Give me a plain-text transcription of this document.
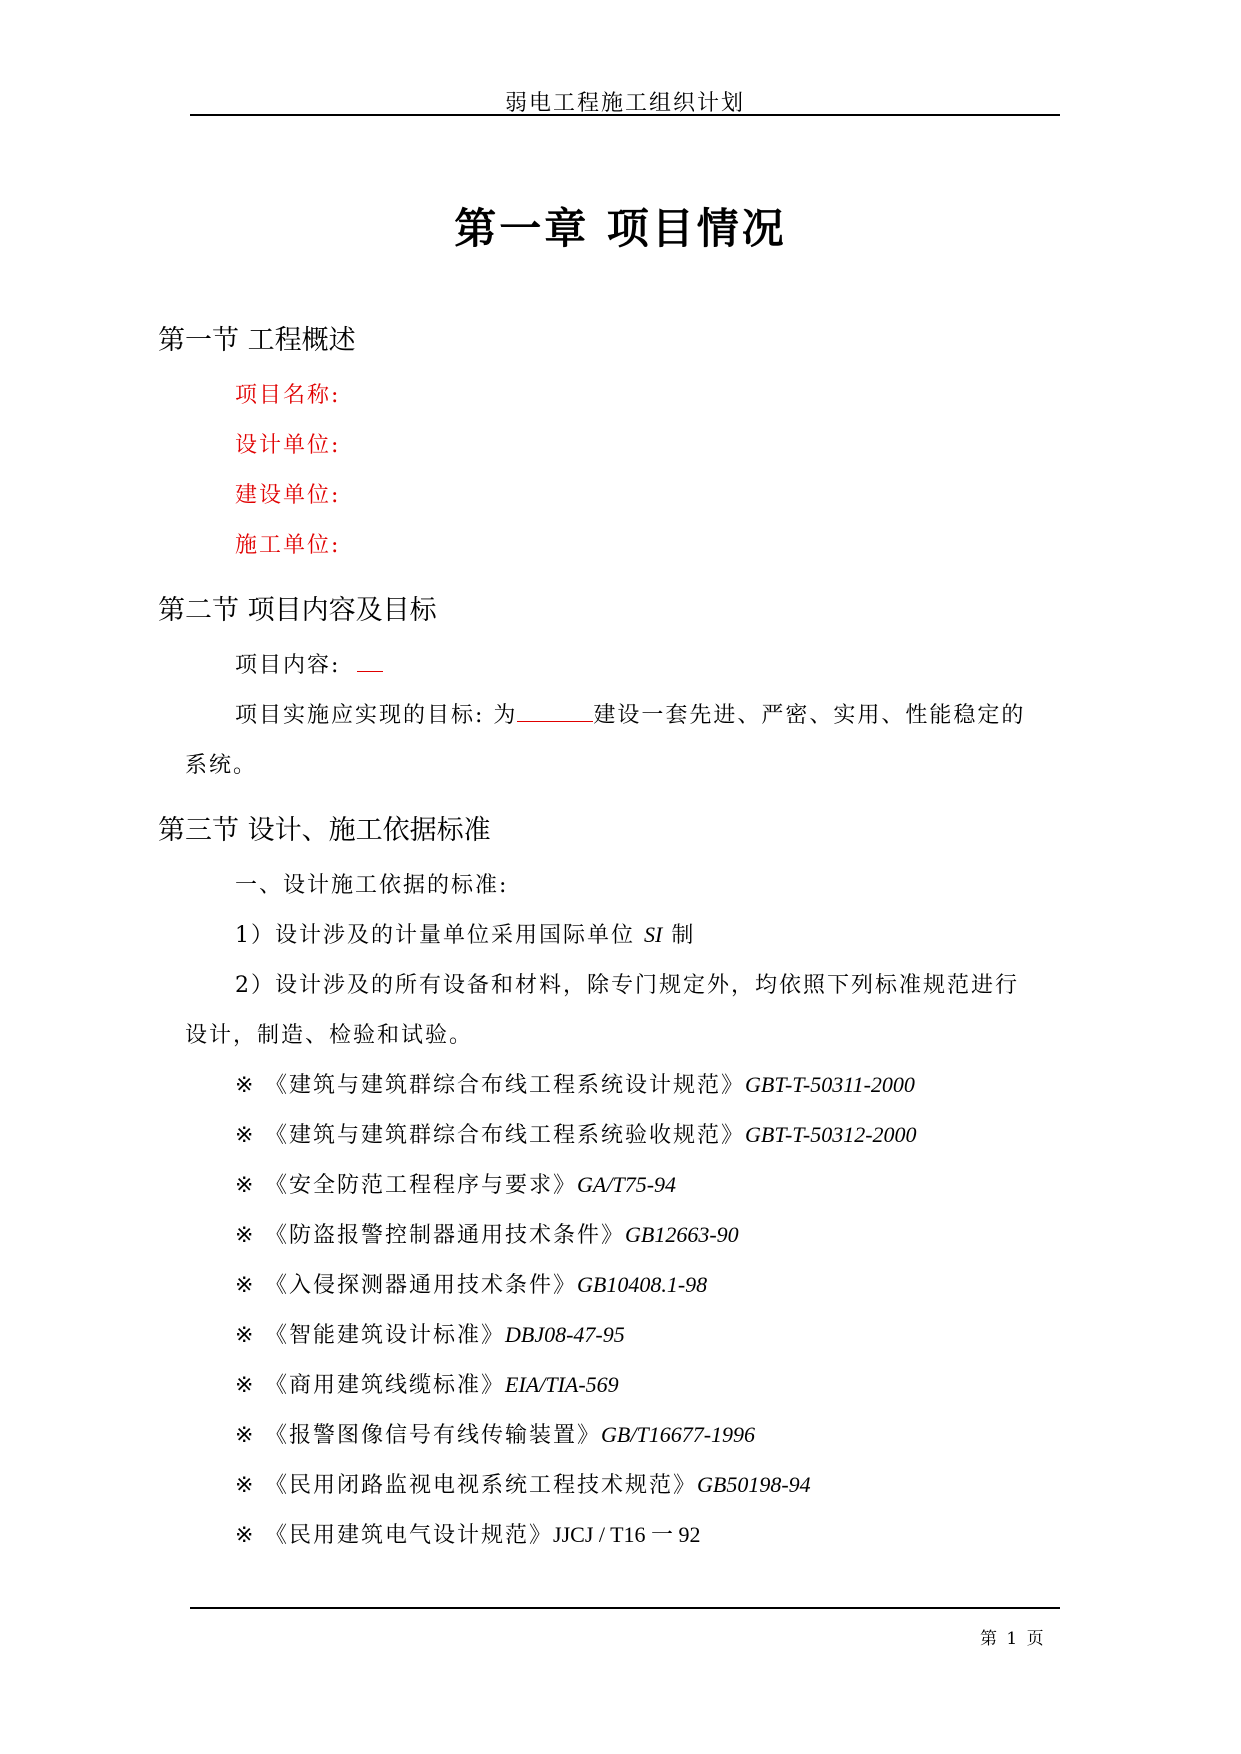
弱电工程施工组织计划
第一章 项目情况
第一节 工程概述
项目名称:
设计单位:
建设单位:
施工单位:
第二节 项目内容及目标
项目内容:
项目实施应实现的目标: 为	建设一套先进、严密、实用、性能稳定的
系统。
第三节 设计、施工依据标准
一、设计施工依据的标准:
1）设计涉及的计量单位采用国际单位 SI 制
2）设计涉及的所有设备和材料，除专门规定外，均依照下列标准规范进行
设计，制造、检验和试验。
※ 《建筑与建筑群综合布线工程系统设计规范》GBT-T-50311-2000
※ 《建筑与建筑群综合布线工程系统验收规范》GBT-T-50312-2000
※ 《安全防范工程程序与要求》GA/T75-94
※ 《防盗报警控制器通用技术条件》GB12663-90
※ 《入侵探测器通用技术条件》GB10408.1-98
※ 《智能建筑设计标准》DBJ08-47-95
※ 《商用建筑线缆标准》EIA/TIA-569
※ 《报警图像信号有线传输装置》GB/T16677-1996
※ 《民用闭路监视电视系统工程技术规范》GB50198-94
※ 《民用建筑电气设计规范》JJCJ / T16 一 92
第 1 页
